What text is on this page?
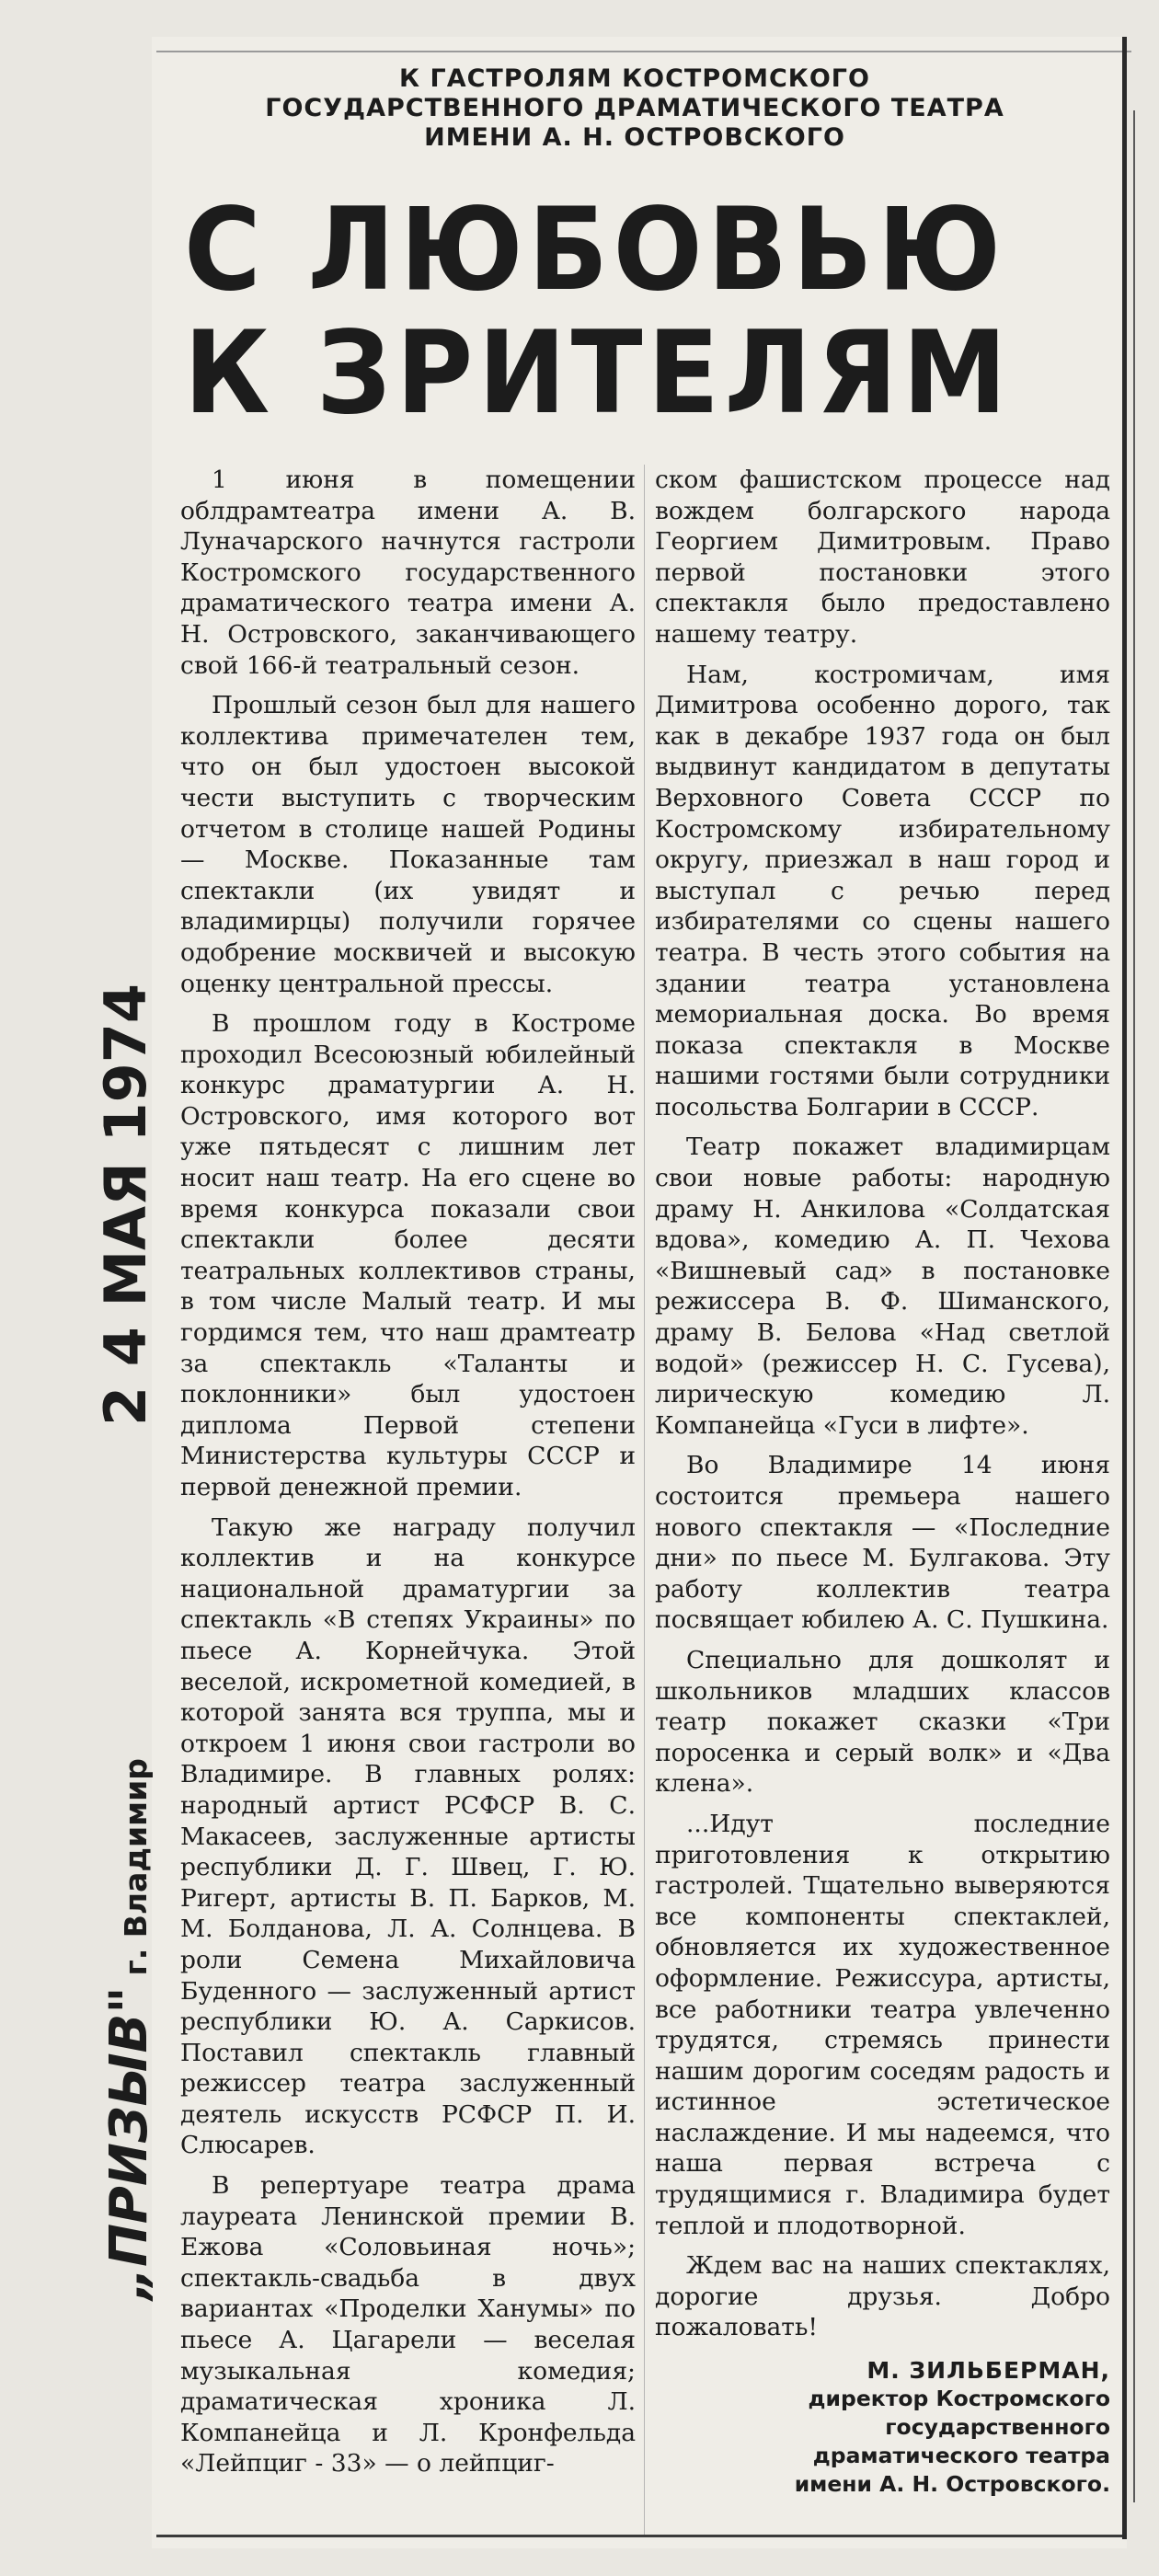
„ПРИЗЫВ"г. Владимир
2 4 МАЯ 1974
К ГАСТРОЛЯМ КОСТРОМСКОГО
ГОСУДАРСТВЕННОГО ДРАМАТИЧЕСКОГО ТЕАТРА
ИМЕНИ А. Н. ОСТРОВСКОГО
С ЛЮБОВЬЮ
К ЗРИТЕЛЯМ

1 июня в помещении облдрамтеатра имени А. В. Луначарского начнутся гастроли Костромского государственного драматического театра имени А. Н. Островского, заканчивающего свой 166-й театральный сезон.

Прошлый сезон был для нашего коллектива примечателен тем, что он был удостоен высокой чести выступить с творческим отчетом в столице нашей Родины — Москве. Показанные там спектакли (их увидят и владимирцы) получили горячее одобрение москвичей и высокую оценку центральной прессы.

В прошлом году в Костроме проходил Всесоюзный юбилейный конкурс драматургии А. Н. Островского, имя которого вот уже пятьдесят с лишним лет носит наш театр. На его сцене во время конкурса показали свои спектакли более десяти театральных коллективов страны, в том числе Малый театр. И мы гордимся тем, что наш драмтеатр за спектакль «Таланты и поклонники» был удостоен диплома Первой степени Министерства культуры СССР и первой денежной премии.

Такую же награду получил коллектив и на конкурсе национальной драматургии за спектакль «В степях Украины» по пьесе А. Корнейчука. Этой веселой, искрометной комедией, в которой занята вся труппа, мы и откроем 1 июня свои гастроли во Владимире. В главных ролях: народный артист РСФСР В. С. Макасеев, заслуженные артисты республики Д. Г. Швец, Г. Ю. Ригерт, артисты В. П. Барков, М. М. Болданова, Л. А. Солнцева. В роли Семена Михайловича Буденного — заслуженный артист республики Ю. А. Саркисов. Поставил спектакль главный режиссер театра заслуженный деятель искусств РСФСР П. И. Слюсарев.

В репертуаре театра драма лауреата Ленинской премии В. Ежова «Соловьиная ночь»; спектакль-свадьба в двух вариантах «Проделки Ханумы» по пьесе А. Цагарели — веселая музыкальная комедия; драматическая хроника Л. Компанейца и Л. Кронфельда «Лейпциг - 33» — о лейпциг-

ском фашистском процессе над вождем болгарского народа Георгием Димитровым. Право первой постановки этого спектакля было предоставлено нашему театру.

Нам, костромичам, имя Димитрова особенно дорого, так как в декабре 1937 года он был выдвинут кандидатом в депутаты Верховного Совета СССР по Костромскому избирательному округу, приезжал в наш город и выступал с речью перед избирателями со сцены нашего театра. В честь этого события на здании театра установлена мемориальная доска. Во время показа спектакля в Москве нашими гостями были сотрудники посольства Болгарии в СССР.

Театр покажет владимирцам свои новые работы: народную драму Н. Анкилова «Солдатская вдова», комедию А. П. Чехова «Вишневый сад» в постановке режиссера В. Ф. Шиманского, драму В. Белова «Над светлой водой» (режиссер Н. С. Гусева), лирическую комедию Л. Компанейца «Гуси в лифте».

Во Владимире 14 июня состоится премьера нашего нового спектакля — «Последние дни» по пьесе М. Булгакова. Эту работу коллектив театра посвящает юбилею А. С. Пушкина.

Специально для дошколят и школьников младших классов театр покажет сказки «Три поросенка и серый волк» и «Два клена».

...Идут последние приготовления к открытию гастролей. Тщательно выверяются все компоненты спектаклей, обновляется их художественное оформление. Режиссура, артисты, все работники театра увлеченно трудятся, стремясь принести нашим дорогим соседям радость и истинное эстетическое наслаждение. И мы надеемся, что наша первая встреча с трудящимися г. Владимира будет теплой и плодотворной.

Ждем вас на наших спектаклях, дорогие друзья. Добро пожаловать!

М. ЗИЛЬБЕРМАН,
директор Костромского
государственного
драматического театра
имени А. Н. Островского.
